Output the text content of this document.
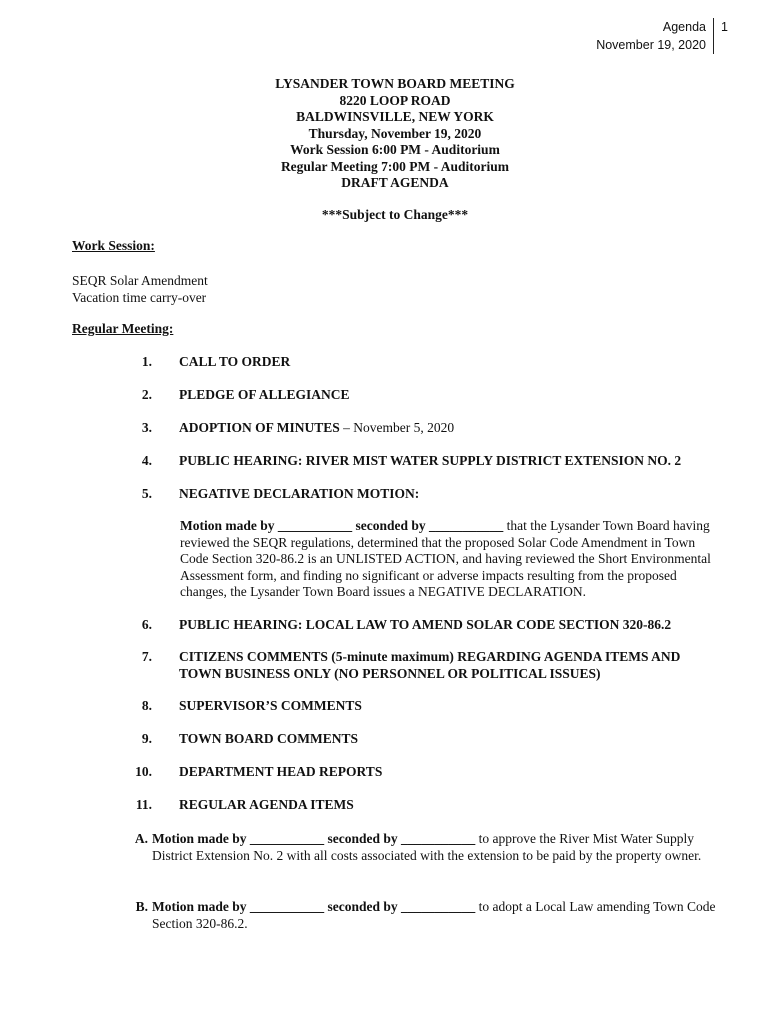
Agenda
November 19, 2020
1
LYSANDER TOWN BOARD MEETING
8220 LOOP ROAD
BALDWINSVILLE, NEW YORK
Thursday, November 19, 2020
Work Session 6:00 PM - Auditorium
Regular Meeting 7:00 PM - Auditorium
DRAFT AGENDA
***Subject to Change***
Work Session:
SEQR Solar Amendment
Vacation time carry-over
Regular Meeting:
1. CALL TO ORDER
2. PLEDGE OF ALLEGIANCE
3. ADOPTION OF MINUTES – November 5, 2020
4. PUBLIC HEARING: RIVER MIST WATER SUPPLY DISTRICT EXTENSION NO. 2
5. NEGATIVE DECLARATION MOTION:
Motion made by ___________ seconded by ___________ that the Lysander Town Board having reviewed the SEQR regulations, determined that the proposed Solar Code Amendment in Town Code Section 320-86.2 is an UNLISTED ACTION, and having reviewed the Short Environmental Assessment form, and finding no significant or adverse impacts resulting from the proposed changes, the Lysander Town Board issues a NEGATIVE DECLARATION.
6. PUBLIC HEARING: LOCAL LAW TO AMEND SOLAR CODE SECTION 320-86.2
7. CITIZENS COMMENTS (5-minute maximum) REGARDING AGENDA ITEMS AND TOWN BUSINESS ONLY (NO PERSONNEL OR POLITICAL ISSUES)
8. SUPERVISOR’S COMMENTS
9. TOWN BOARD COMMENTS
10. DEPARTMENT HEAD REPORTS
11. REGULAR AGENDA ITEMS
A. Motion made by ___________ seconded by ___________ to approve the River Mist Water Supply District Extension No. 2 with all costs associated with the extension to be paid by the property owner.
B. Motion made by ___________ seconded by ___________ to adopt a Local Law amending Town Code Section 320-86.2.
